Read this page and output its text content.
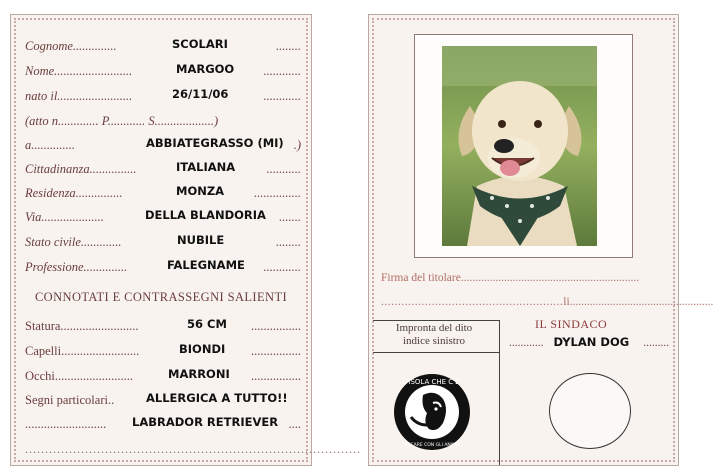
Cognome..............	SCOLARI	........
Nome.........................	MARGOO ............
nato il........................	26/11/06	............
(atto n............. P............ S...................)
a..............	ABBIATEGRASSO (MI) .)
Cittadinanza...............	ITALIANA	...........
Residenza...............	MONZA ...............
Via....................	DELLA BLANDORIA .......
Stato civile.............	NUBILE	........
Professione..............	FALEGNAME ............
CONNOTATI E CONTRASSEGNI SALIENTI
Statura.........................	56 CM ................
Capelli.........................	BIONDI ................
Occhi.........................	MARRONI ................
Segni particolari..	ALLERGICA A TUTTO!!
.......................... LABRADOR RETRIEVER ....
....................................................................................
Firma del titolare..............................................................
......................................................li..................................................
Impronta del dito
indice sinistro
L'ISOLA CHE C'E'
TOCCARE CON GLI ANIMALI
IL SINDACO
............ DYLAN DOG .........
